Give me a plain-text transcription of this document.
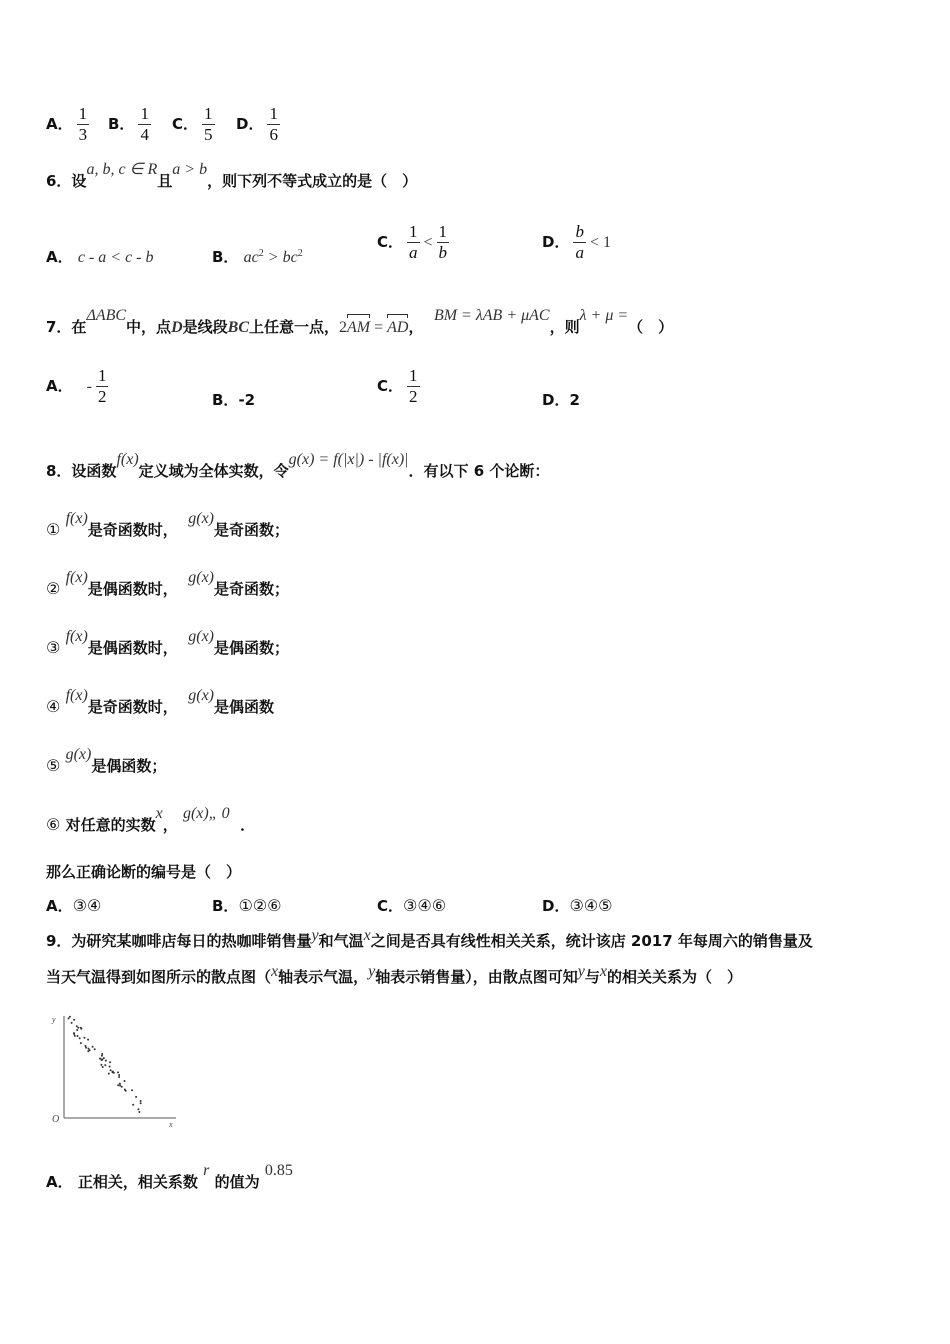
A． $\frac{1}{3}$ B． $\frac{1}{4}$ C． $\frac{1}{5}$ D． $\frac{1}{6}$
6．设a, b, c ∈ R且a > b，则下列不等式成立的是（　）
A． c - a < c - b	B． $ac^2 > bc^2$
C． $\frac{1}{a} < \frac{1}{b}$	D． $\frac{b}{a} < 1$
7．在ΔABC中，点D是线段BC上任意一点，2AM = AD，  BM = λAB + μAC，则λ + μ =（　）
A． - $\frac{1}{2}$	B．-2
C． $\frac{1}{2}$	D．2
8．设函数f(x)定义域为全体实数，令g(x) = f(|x|) - |f(x)|．有以下 6 个论断：
① f(x)是奇函数时，  g(x)是奇函数；
② f(x)是偶函数时，  g(x)是奇函数；
③ f(x)是偶函数时，  g(x)是偶函数；
④ f(x)是奇函数时，  g(x)是偶函数
⑤ g(x)是偶函数；
⑥ 对任意的实数x， g(x)„ 0  ．
那么正确论断的编号是（　）
A．③④	B．①②⑥	C．③④⑥	D．③④⑤
9．为研究某咖啡店每日的热咖啡销售量y和气温x之间是否具有线性相关关系，统计该店 2017 年每周六的销售量及
当天气温得到如图所示的散点图（x轴表示气温，y轴表示销售量），由散点图可知y与x的相关关系为（　）
y
x
O
A． 正相关，相关系数 r 的值为 0.85
